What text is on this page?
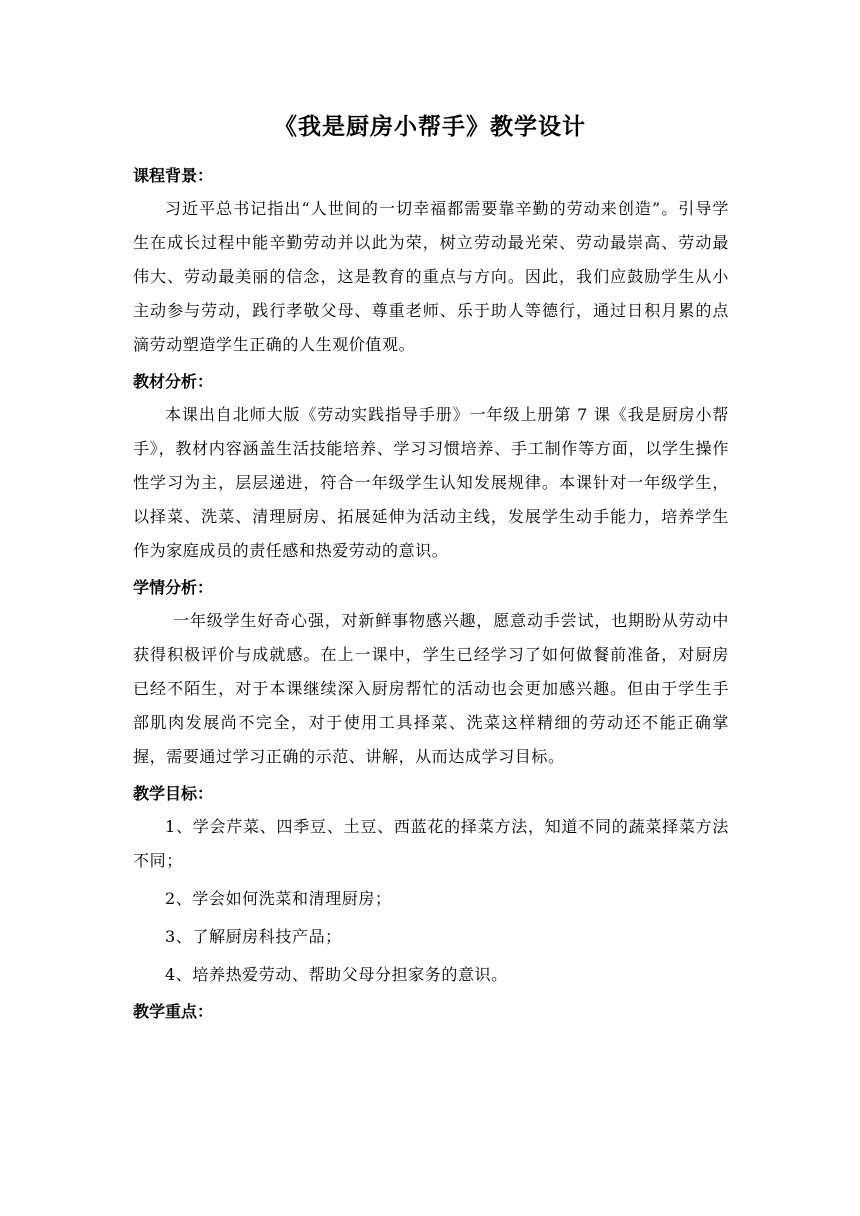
《我是厨房小帮手》教学设计

课程背景：

习近平总书记指出“人世间的一切幸福都需要靠辛勤的劳动来创造”。引导学生在成长过程中能辛勤劳动并以此为荣，树立劳动最光荣、劳动最崇高、劳动最伟大、劳动最美丽的信念，这是教育的重点与方向。因此，我们应鼓励学生从小主动参与劳动，践行孝敬父母、尊重老师、乐于助人等德行，通过日积月累的点滴劳动塑造学生正确的人生观价值观。

教材分析：

本课出自北师大版《劳动实践指导手册》一年级上册第 7 课《我是厨房小帮手》，教材内容涵盖生活技能培养、学习习惯培养、手工制作等方面，以学生操作性学习为主，层层递进，符合一年级学生认知发展规律。本课针对一年级学生，以择菜、洗菜、清理厨房、拓展延伸为活动主线，发展学生动手能力，培养学生作为家庭成员的责任感和热爱劳动的意识。

学情分析：

一年级学生好奇心强，对新鲜事物感兴趣，愿意动手尝试，也期盼从劳动中获得积极评价与成就感。在上一课中，学生已经学习了如何做餐前准备，对厨房已经不陌生，对于本课继续深入厨房帮忙的活动也会更加感兴趣。但由于学生手部肌肉发展尚不完全，对于使用工具择菜、洗菜这样精细的劳动还不能正确掌握，需要通过学习正确的示范、讲解，从而达成学习目标。

教学目标：

1、学会芹菜、四季豆、土豆、西蓝花的择菜方法，知道不同的蔬菜择菜方法不同；

2、学会如何洗菜和清理厨房；

3、了解厨房科技产品；

4、培养热爱劳动、帮助父母分担家务的意识。

教学重点：
